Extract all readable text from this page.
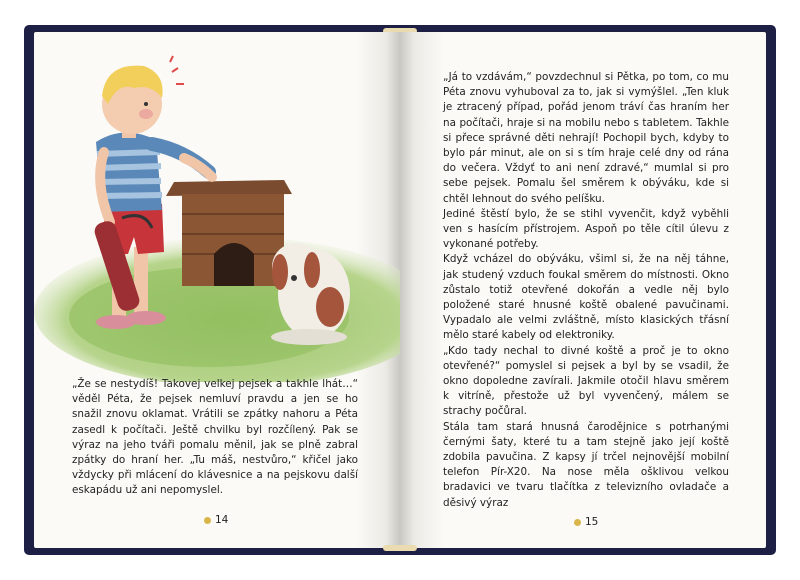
„Že se nestydíš! Takovej velkej pejsek a takhle lhát…“ věděl Péta, že pejsek nemluví pravdu a jen se ho snažil znovu oklamat. Vrátili se zpátky nahoru a Péta zasedl k počítači. Ještě chvilku byl rozčílený. Pak se výraz na jeho tváři pomalu měnil, jak se plně zabral zpátky do hraní her. „Tu máš, nestvůro,“ křičel jako vždycky při mlácení do klávesnice a na pejskovu další eskapádu už ani nepomyslel.

14

„Já to vzdávám,“ povzdechnul si Pětka, po tom, co mu Péta znovu vyhuboval za to, jak si vymýšlel. „Ten kluk je ztracený případ, pořád jenom tráví čas hraním her na počítači, hraje si na mobilu nebo s tabletem. Takhle si přece správné děti nehrají! Pochopil bych, kdyby to bylo pár minut, ale on si s tím hraje celé dny od rána do večera. Vždyť to ani není zdravé,“ mumlal si pro sebe pejsek. Pomalu šel směrem k obýváku, kde si chtěl lehnout do svého pelíšku.

Jediné štěstí bylo, že se stihl vyvenčit, když vyběhli ven s hasícím přístrojem. Aspoň po těle cítil úlevu z vykonané potřeby.

Když vcházel do obýváku, všiml si, že na něj táhne, jak studený vzduch foukal směrem do místnosti. Okno zůstalo totiž otevřené dokořán a vedle něj bylo položené staré hnusné koště obalené pavučinami. Vypadalo ale velmi zvláštně, místo klasických třásní mělo staré kabely od elektroniky.

„Kdo tady nechal to divné koště a proč je to okno otevřené?“ pomyslel si pejsek a byl by se vsadil, že okno dopoledne zavírali. Jakmile otočil hlavu směrem k vitríně, přestože už byl vyvenčený, málem se strachy počůral.

Stála tam stará hnusná čarodějnice s potrhanými černými šaty, které tu a tam stejně jako její koště zdobila pavučina. Z kapsy jí trčel nejnovější mobilní telefon Pír-X20. Na nose měla ošklivou velkou bradavici ve tvaru tlačítka z televizního ovladače a děsivý výraz

15
